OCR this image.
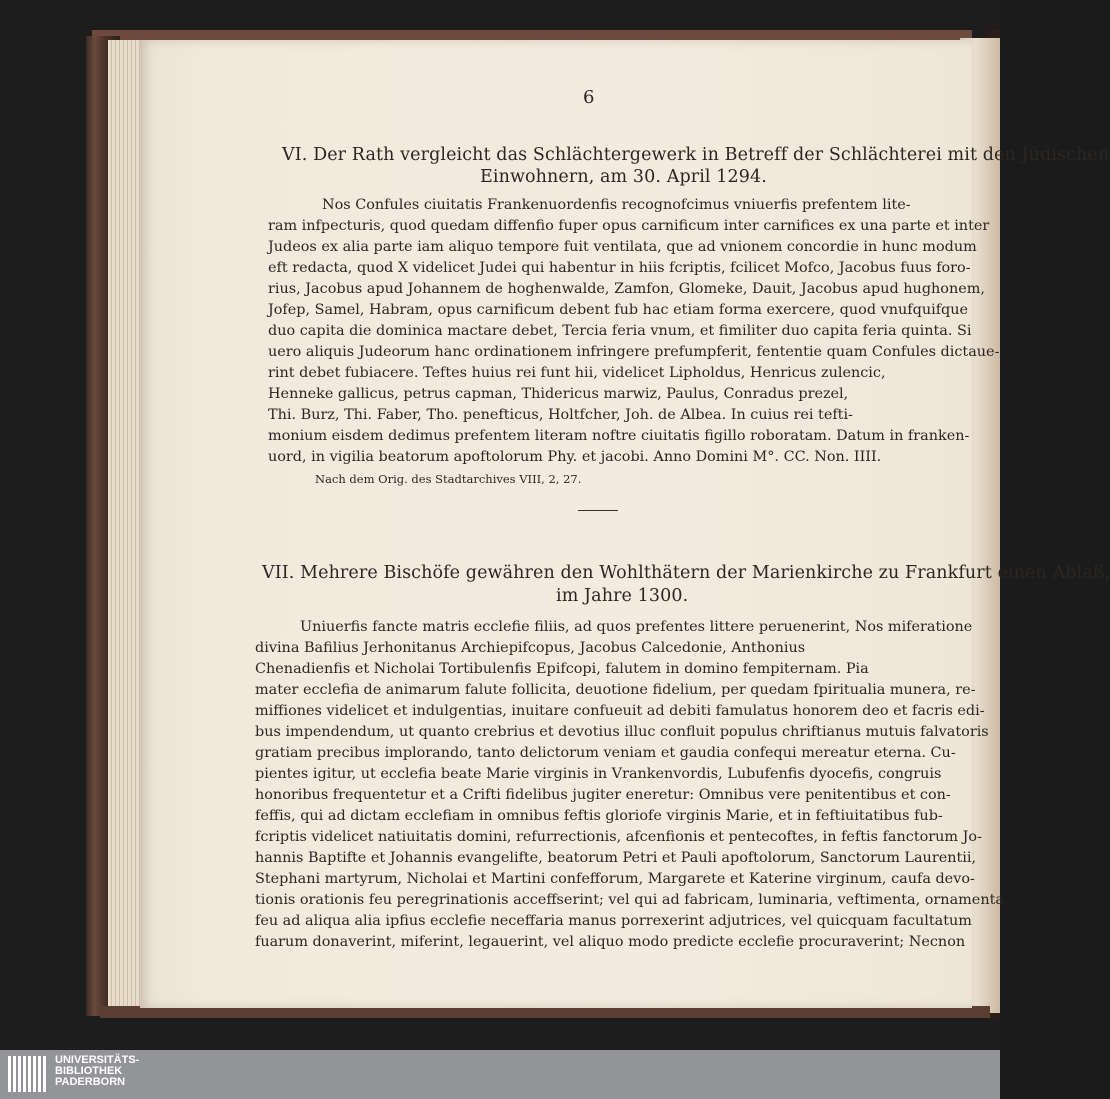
6
VI. Der Rath vergleicht das Schlächtergewerk in Betreff der Schlächterei mit den Jüdischen
Einwohnern, am 30. April 1294.
Nos Confules ciuitatis Frankenuordenfis recognofcimus vniuerfis prefentem lite-
ram infpecturis, quod quedam diffenfio fuper opus carnificum inter carnifices ex una parte et inter
Judeos ex alia parte iam aliquo tempore fuit ventilata, que ad vnionem concordie in hunc modum
eft redacta, quod X videlicet Judei qui habentur in hiis fcriptis, fcilicet Mofco, Jacobus fuus foro-
rius, Jacobus apud Johannem de hoghenwalde, Zamfon, Glomeke, Dauit, Jacobus apud hughonem,
Jofep, Samel, Habram, opus carnificum debent fub hac etiam forma exercere, quod vnufquifque
duo capita die dominica mactare debet, Tercia feria vnum, et fimiliter duo capita feria quinta. Si
uero aliquis Judeorum hanc ordinationem infringere prefumpferit, fententie quam Confules dictaue-
rint debet fubiacere. Teftes huius rei funt hii, videlicet Lipholdus, Henricus zulencic,
Henneke gallicus, petrus capman, Thidericus marwiz, Paulus, Conradus prezel,
Thi. Burz, Thi. Faber, Tho. penefticus, Holtfcher, Joh. de Albea. In cuius rei tefti-
monium eisdem dedimus prefentem literam noftre ciuitatis figillo roboratam. Datum in franken-
uord, in vigilia beatorum apoftolorum Phy. et jacobi. Anno Domini M°. CC. Non. IIII.
Nach dem Orig. des Stadtarchives VIII, 2, 27.
VII. Mehrere Bischöfe gewähren den Wohlthätern der Marienkirche zu Frankfurt einen Ablaß,
im Jahre 1300.
Uniuerfis fancte matris ecclefie filiis, ad quos prefentes littere peruenerint, Nos miferatione
divina Bafilius Jerhonitanus Archiepifcopus, Jacobus Calcedonie, Anthonius
Chenadienfis et Nicholai Tortibulenfis Epifcopi, falutem in domino fempiternam. Pia
mater ecclefia de animarum falute follicita, deuotione fidelium, per quedam fpiritualia munera, re-
miffiones videlicet et indulgentias, inuitare confueuit ad debiti famulatus honorem deo et facris edi-
bus impendendum, ut quanto crebrius et devotius illuc confluit populus chriftianus mutuis falvatoris
gratiam precibus implorando, tanto delictorum veniam et gaudia confequi mereatur eterna. Cu-
pientes igitur, ut ecclefia beate Marie virginis in Vrankenvordis, Lubufenfis dyocefis, congruis
honoribus frequentetur et a Crifti fidelibus jugiter eneretur: Omnibus vere penitentibus et con-
feffis, qui ad dictam ecclefiam in omnibus feftis gloriofe virginis Marie, et in feftiuitatibus fub-
fcriptis videlicet natiuitatis domini, refurrectionis, afcenfionis et pentecoftes, in feftis fanctorum Jo-
hannis Baptifte et Johannis evangelifte, beatorum Petri et Pauli apoftolorum, Sanctorum Laurentii,
Stephani martyrum, Nicholai et Martini confefforum, Margarete et Katerine virginum, caufa devo-
tionis orationis feu peregrinationis acceffserint; vel qui ad fabricam, luminaria, veftimenta, ornamenta
feu ad aliqua alia ipfius ecclefie neceffaria manus porrexerint adjutrices, vel quicquam facultatum
fuarum donaverint, miferint, legauerint, vel aliquo modo predicte ecclefie procuraverint; Necnon
UNIVERSITÄTS-
BIBLIOTHEK
PADERBORN
